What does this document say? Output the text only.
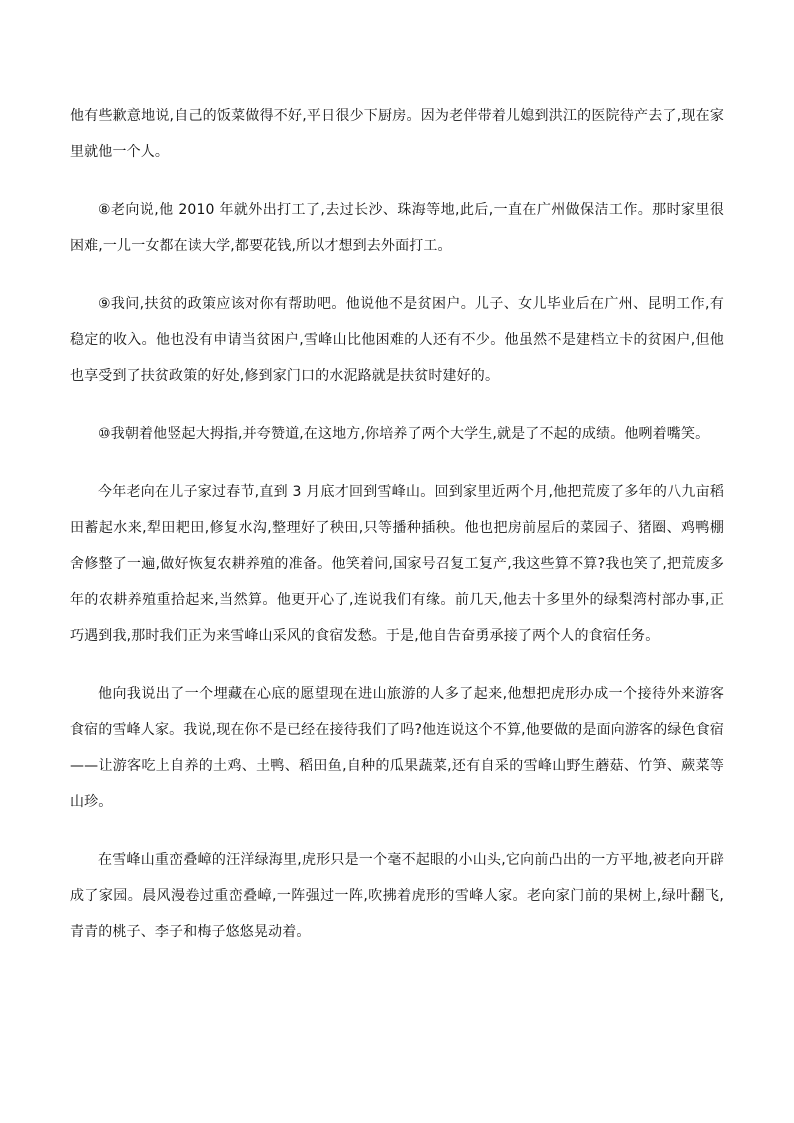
他有些歉意地说,自己的饭菜做得不好,平日很少下厨房。因为老伴带着儿媳到洪江的医院待产去了,现在家里就他一个人。

⑧老向说,他 2010 年就外出打工了,去过长沙、珠海等地,此后,一直在广州做保洁工作。那时家里很困难,一儿一女都在读大学,都要花钱,所以才想到去外面打工。

⑨我问,扶贫的政策应该对你有帮助吧。他说他不是贫困户。儿子、女儿毕业后在广州、昆明工作,有稳定的收入。他也没有申请当贫困户,雪峰山比他困难的人还有不少。他虽然不是建档立卡的贫困户,但他也享受到了扶贫政策的好处,修到家门口的水泥路就是扶贫时建好的。

⑩我朝着他竖起大拇指,并夸赞道,在这地方,你培养了两个大学生,就是了不起的成绩。他咧着嘴笑。

今年老向在儿子家过春节,直到 3 月底才回到雪峰山。回到家里近两个月,他把荒废了多年的八九亩稻田蓄起水来,犁田耙田,修复水沟,整理好了秧田,只等播种插秧。他也把房前屋后的菜园子、猪圈、鸡鸭棚舍修整了一遍,做好恢复农耕养殖的准备。他笑着问,国家号召复工复产,我这些算不算?我也笑了,把荒废多年的农耕养殖重拾起来,当然算。他更开心了,连说我们有缘。前几天,他去十多里外的绿梨湾村部办事,正巧遇到我,那时我们正为来雪峰山采风的食宿发愁。于是,他自告奋勇承接了两个人的食宿任务。

他向我说出了一个埋藏在心底的愿望现在进山旅游的人多了起来,他想把虎形办成一个接待外来游客食宿的雪峰人家。我说,现在你不是已经在接待我们了吗?他连说这个不算,他要做的是面向游客的绿色食宿——让游客吃上自养的土鸡、土鸭、稻田鱼,自种的瓜果蔬菜,还有自采的雪峰山野生蘑菇、竹笋、蕨菜等山珍。

在雪峰山重峦叠嶂的汪洋绿海里,虎形只是一个毫不起眼的小山头,它向前凸出的一方平地,被老向开辟成了家园。晨风漫卷过重峦叠嶂,一阵强过一阵,吹拂着虎形的雪峰人家。老向家门前的果树上,绿叶翻飞,青青的桃子、李子和梅子悠悠晃动着。
